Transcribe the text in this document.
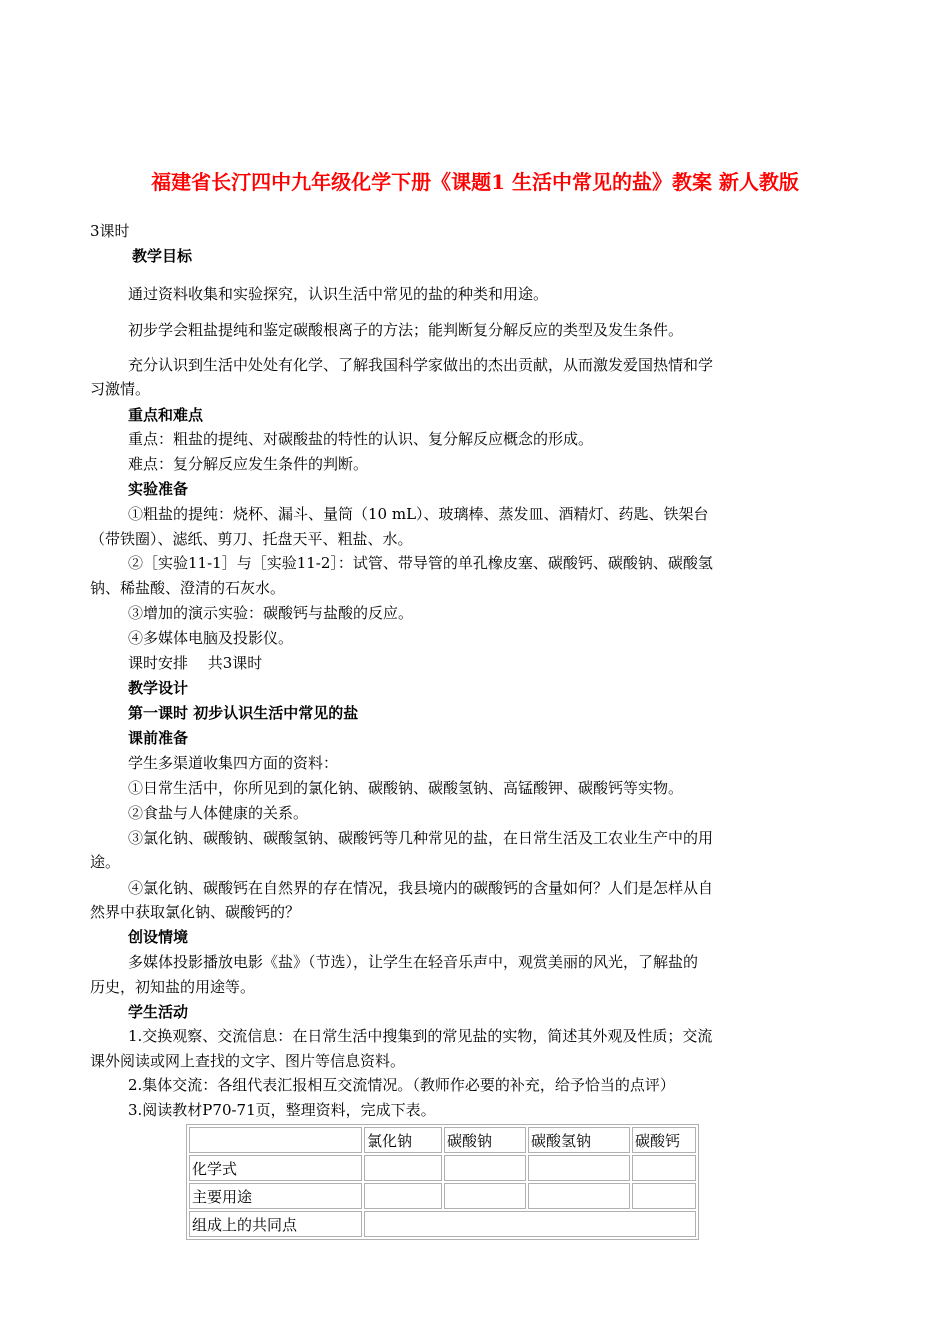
福建省长汀四中九年级化学下册《课题1 生活中常见的盐》教案 新人教版
3课时
教学目标
通过资料收集和实验探究，认识生活中常见的盐的种类和用途。
初步学会粗盐提纯和鉴定碳酸根离子的方法；能判断复分解反应的类型及发生条件。
充分认识到生活中处处有化学、了解我国科学家做出的杰出贡献，从而激发爱国热情和学
习激情。
重点和难点
重点：粗盐的提纯、对碳酸盐的特性的认识、复分解反应概念的形成。
难点：复分解反应发生条件的判断。
实验准备
①粗盐的提纯：烧杯、漏斗、量筒（10 mL）、玻璃棒、蒸发皿、酒精灯、药匙、铁架台
（带铁圈）、滤纸、剪刀、托盘天平、粗盐、水。
②［实验11-1］与［实验11-2］：试管、带导管的单孔橡皮塞、碳酸钙、碳酸钠、碳酸氢
钠、稀盐酸、澄清的石灰水。
③增加的演示实验：碳酸钙与盐酸的反应。
④多媒体电脑及投影仪。
课时安排　 共3课时
教学设计
第一课时 初步认识生活中常见的盐
课前准备
学生多渠道收集四方面的资料：
①日常生活中，你所见到的氯化钠、碳酸钠、碳酸氢钠、高锰酸钾、碳酸钙等实物。
②食盐与人体健康的关系。
③氯化钠、碳酸钠、碳酸氢钠、碳酸钙等几种常见的盐，在日常生活及工农业生产中的用
途。
④氯化钠、碳酸钙在自然界的存在情况，我县境内的碳酸钙的含量如何？人们是怎样从自
然界中获取氯化钠、碳酸钙的？
创设情境
多媒体投影播放电影《盐》（节选），让学生在轻音乐声中，观赏美丽的风光，了解盐的
历史，初知盐的用途等。
学生活动
1.交换观察、交流信息：在日常生活中搜集到的常见盐的实物，简述其外观及性质；交流
课外阅读或网上查找的文字、图片等信息资料。
2.集体交流：各组代表汇报相互交流情况。（教师作必要的补充，给予恰当的点评）
3.阅读教材P70-71页，整理资料，完成下表。
	氯化钠	碳酸钠	碳酸氢钠	碳酸钙
化学式				
主要用途				
组成上的共同点				
